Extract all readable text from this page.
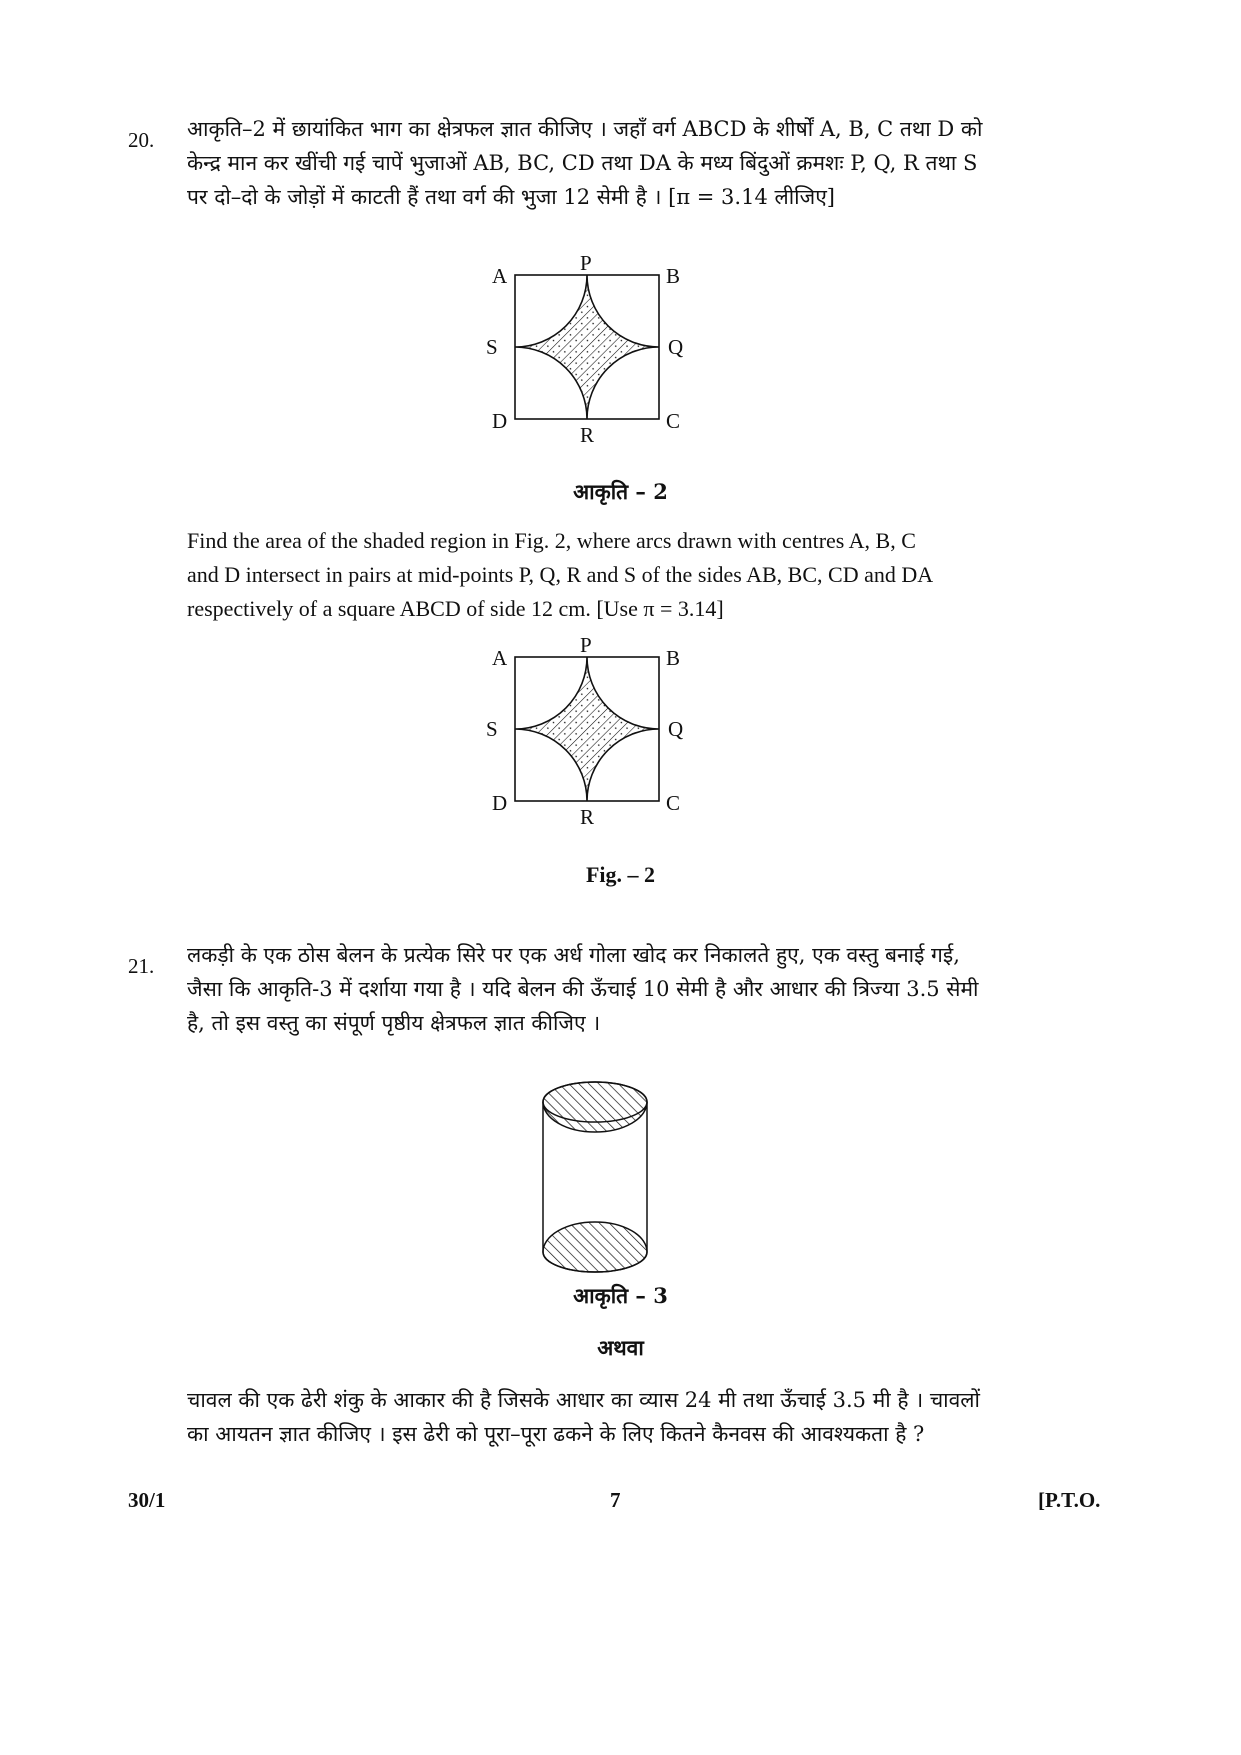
20. आकृति–2 में छायांकित भाग का क्षेत्रफल ज्ञात कीजिए । जहाँ वर्ग ABCD के शीर्षों A, B, C तथा D को
केन्द्र मान कर खींची गई चापें भुजाओं AB, BC, CD तथा DA के मध्य बिंदुओं क्रमशः P, Q, R तथा S
पर दो–दो के जोड़ों में काटती हैं तथा वर्ग की भुजा 12 सेमी है । [π = 3.14 लीजिए]
A
P
B
S	Q
D	C
R
आकृति – 2
Find the area of the shaded region in Fig. 2, where arcs drawn with centres A, B, C
and D intersect in pairs at mid-points P, Q, R and S of the sides AB, BC, CD and DA
respectively of a square ABCD of side 12 cm. [Use π = 3.14]
A
P
B
S	Q
D	C
R
Fig. – 2
21. लकड़ी के एक ठोस बेलन के प्रत्येक सिरे पर एक अर्ध गोला खोद कर निकालते हुए, एक वस्तु बनाई गई,
जैसा कि आकृति-3 में दर्शाया गया है । यदि बेलन की ऊँचाई 10 सेमी है और आधार की त्रिज्या 3.5 सेमी
है, तो इस वस्तु का संपूर्ण पृष्ठीय क्षेत्रफल ज्ञात कीजिए ।
आकृति – 3
अथवा
चावल की एक ढेरी शंकु के आकार की है जिसके आधार का व्यास 24 मी तथा ऊँचाई 3.5 मी है । चावलों
का आयतन ज्ञात कीजिए । इस ढेरी को पूरा–पूरा ढकने के लिए कितने कैनवस की आवश्यकता है ?
30/1	7	[P.T.O.
